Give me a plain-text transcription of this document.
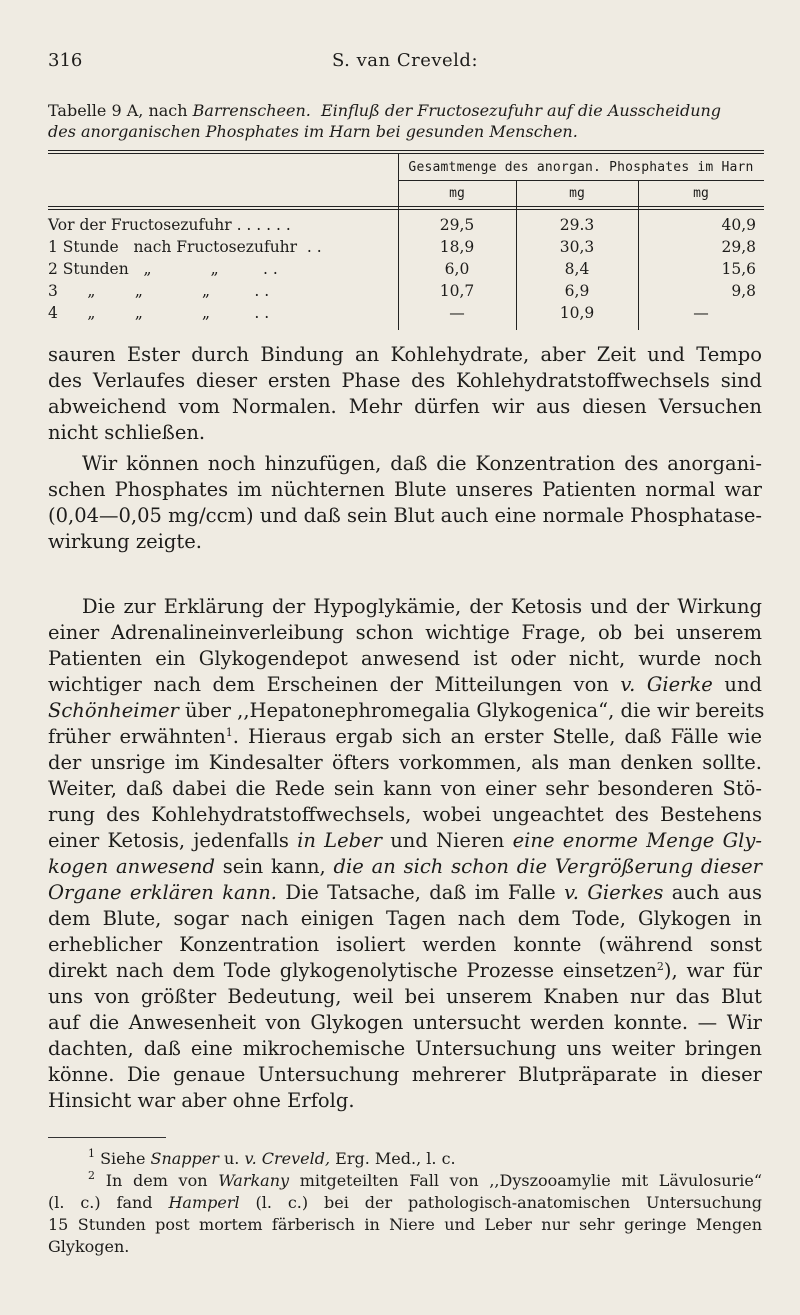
316	S. van Creveld:
Tabelle 9 A, nach Barrenscheen. Einfluß der Fructosezufuhr auf die Ausscheidung
des anorganischen Phosphates im Harn bei gesunden Menschen.
Gesamtmenge des anorgan. Phosphates im Harn
mg	mg	mg
Vor der Fructosezufuhr . . . . . .	29,5	29.3	40,9
1 Stunde   nach Fructosezufuhr  . .	18,9	30,3	29,8
2 Stunden   „            „         . .	6,0	8,4	15,6
3      „        „            „         . .	10,7	6,9	9,8
4      „        „            „         . .	—	10,9	—
sauren Ester durch Bindung an Kohlehydrate, aber Zeit und Tempo
des Verlaufes dieser ersten Phase des Kohlehydratstoffwechsels sind
abweichend vom Normalen. Mehr dürfen wir aus diesen Versuchen
nicht schließen.
Wir können noch hinzufügen, daß die Konzentration des anorgani-
schen Phosphates im nüchternen Blute unseres Patienten normal war
(0,04—0,05 mg/ccm) und daß sein Blut auch eine normale Phosphatase-
wirkung zeigte.
Die zur Erklärung der Hypoglykämie, der Ketosis und der Wirkung
einer Adrenalineinverleibung schon wichtige Frage, ob bei unserem
Patienten ein Glykogendepot anwesend ist oder nicht, wurde noch
wichtiger nach dem Erscheinen der Mitteilungen von v. Gierke und
Schönheimer über ,,Hepatonephromegalia Glykogenica“, die wir bereits
früher erwähnten$^1$. Hieraus ergab sich an erster Stelle, daß Fälle wie
der unsrige im Kindesalter öfters vorkommen, als man denken sollte.
Weiter, daß dabei die Rede sein kann von einer sehr besonderen Stö-
rung des Kohlehydratstoffwechsels, wobei ungeachtet des Bestehens
einer Ketosis, jedenfalls in Leber und Nieren eine enorme Menge Gly-
kogen anwesend sein kann, die an sich schon die Vergrößerung dieser
Organe erklären kann. Die Tatsache, daß im Falle v. Gierkes auch aus
dem Blute, sogar nach einigen Tagen nach dem Tode, Glykogen in
erheblicher Konzentration isoliert werden konnte (während sonst
direkt nach dem Tode glykogenolytische Prozesse einsetzen$^2$), war für
uns von größter Bedeutung, weil bei unserem Knaben nur das Blut
auf die Anwesenheit von Glykogen untersucht werden konnte. — Wir
dachten, daß eine mikrochemische Untersuchung uns weiter bringen
könne. Die genaue Untersuchung mehrerer Blutpräparate in dieser
Hinsicht war aber ohne Erfolg.
$^1$ Siehe Snapper u. v. Creveld, Erg. Med., l. c.
$^2$ In dem von Warkany mitgeteilten Fall von ,,Dyszooamylie mit Lävulosurie“
(l. c.) fand Hamperl (l. c.) bei der pathologisch-anatomischen Untersuchung
15 Stunden post mortem färberisch in Niere und Leber nur sehr geringe Mengen
Glykogen.
